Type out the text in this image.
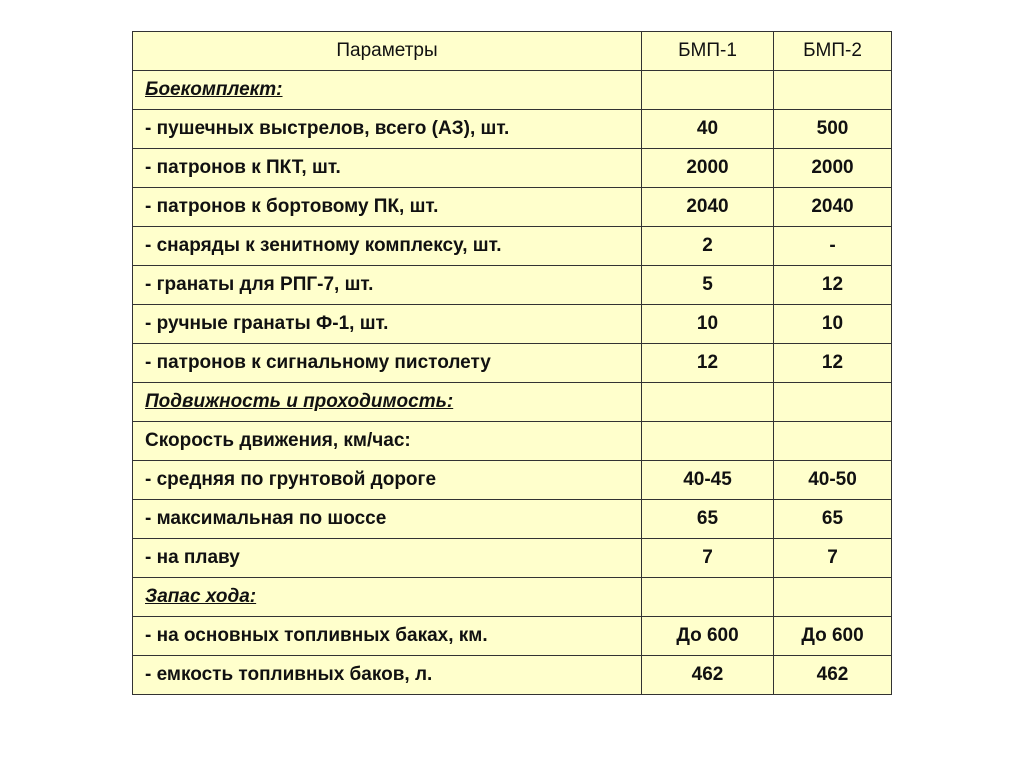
Параметры	БМП-1	БМП-2
Боекомплект:		
- пушечных выстрелов, всего (АЗ), шт.	40	500
- патронов к ПКТ, шт.	2000	2000
- патронов к бортовому ПК, шт.	2040	2040
- снаряды к зенитному комплексу, шт.	2	-
- гранаты для РПГ-7, шт.	5	12
- ручные гранаты Ф-1, шт.	10	10
- патронов к сигнальному пистолету	12	12
Подвижность и проходимость:		
Скорость движения, км/час:		
- средняя по грунтовой дороге	40-45	40-50
- максимальная по шоссе	65	65
- на плаву	7	7
Запас хода:		
- на основных топливных баках, км.	До 600	До 600
- емкость топливных баков, л.	462	462
